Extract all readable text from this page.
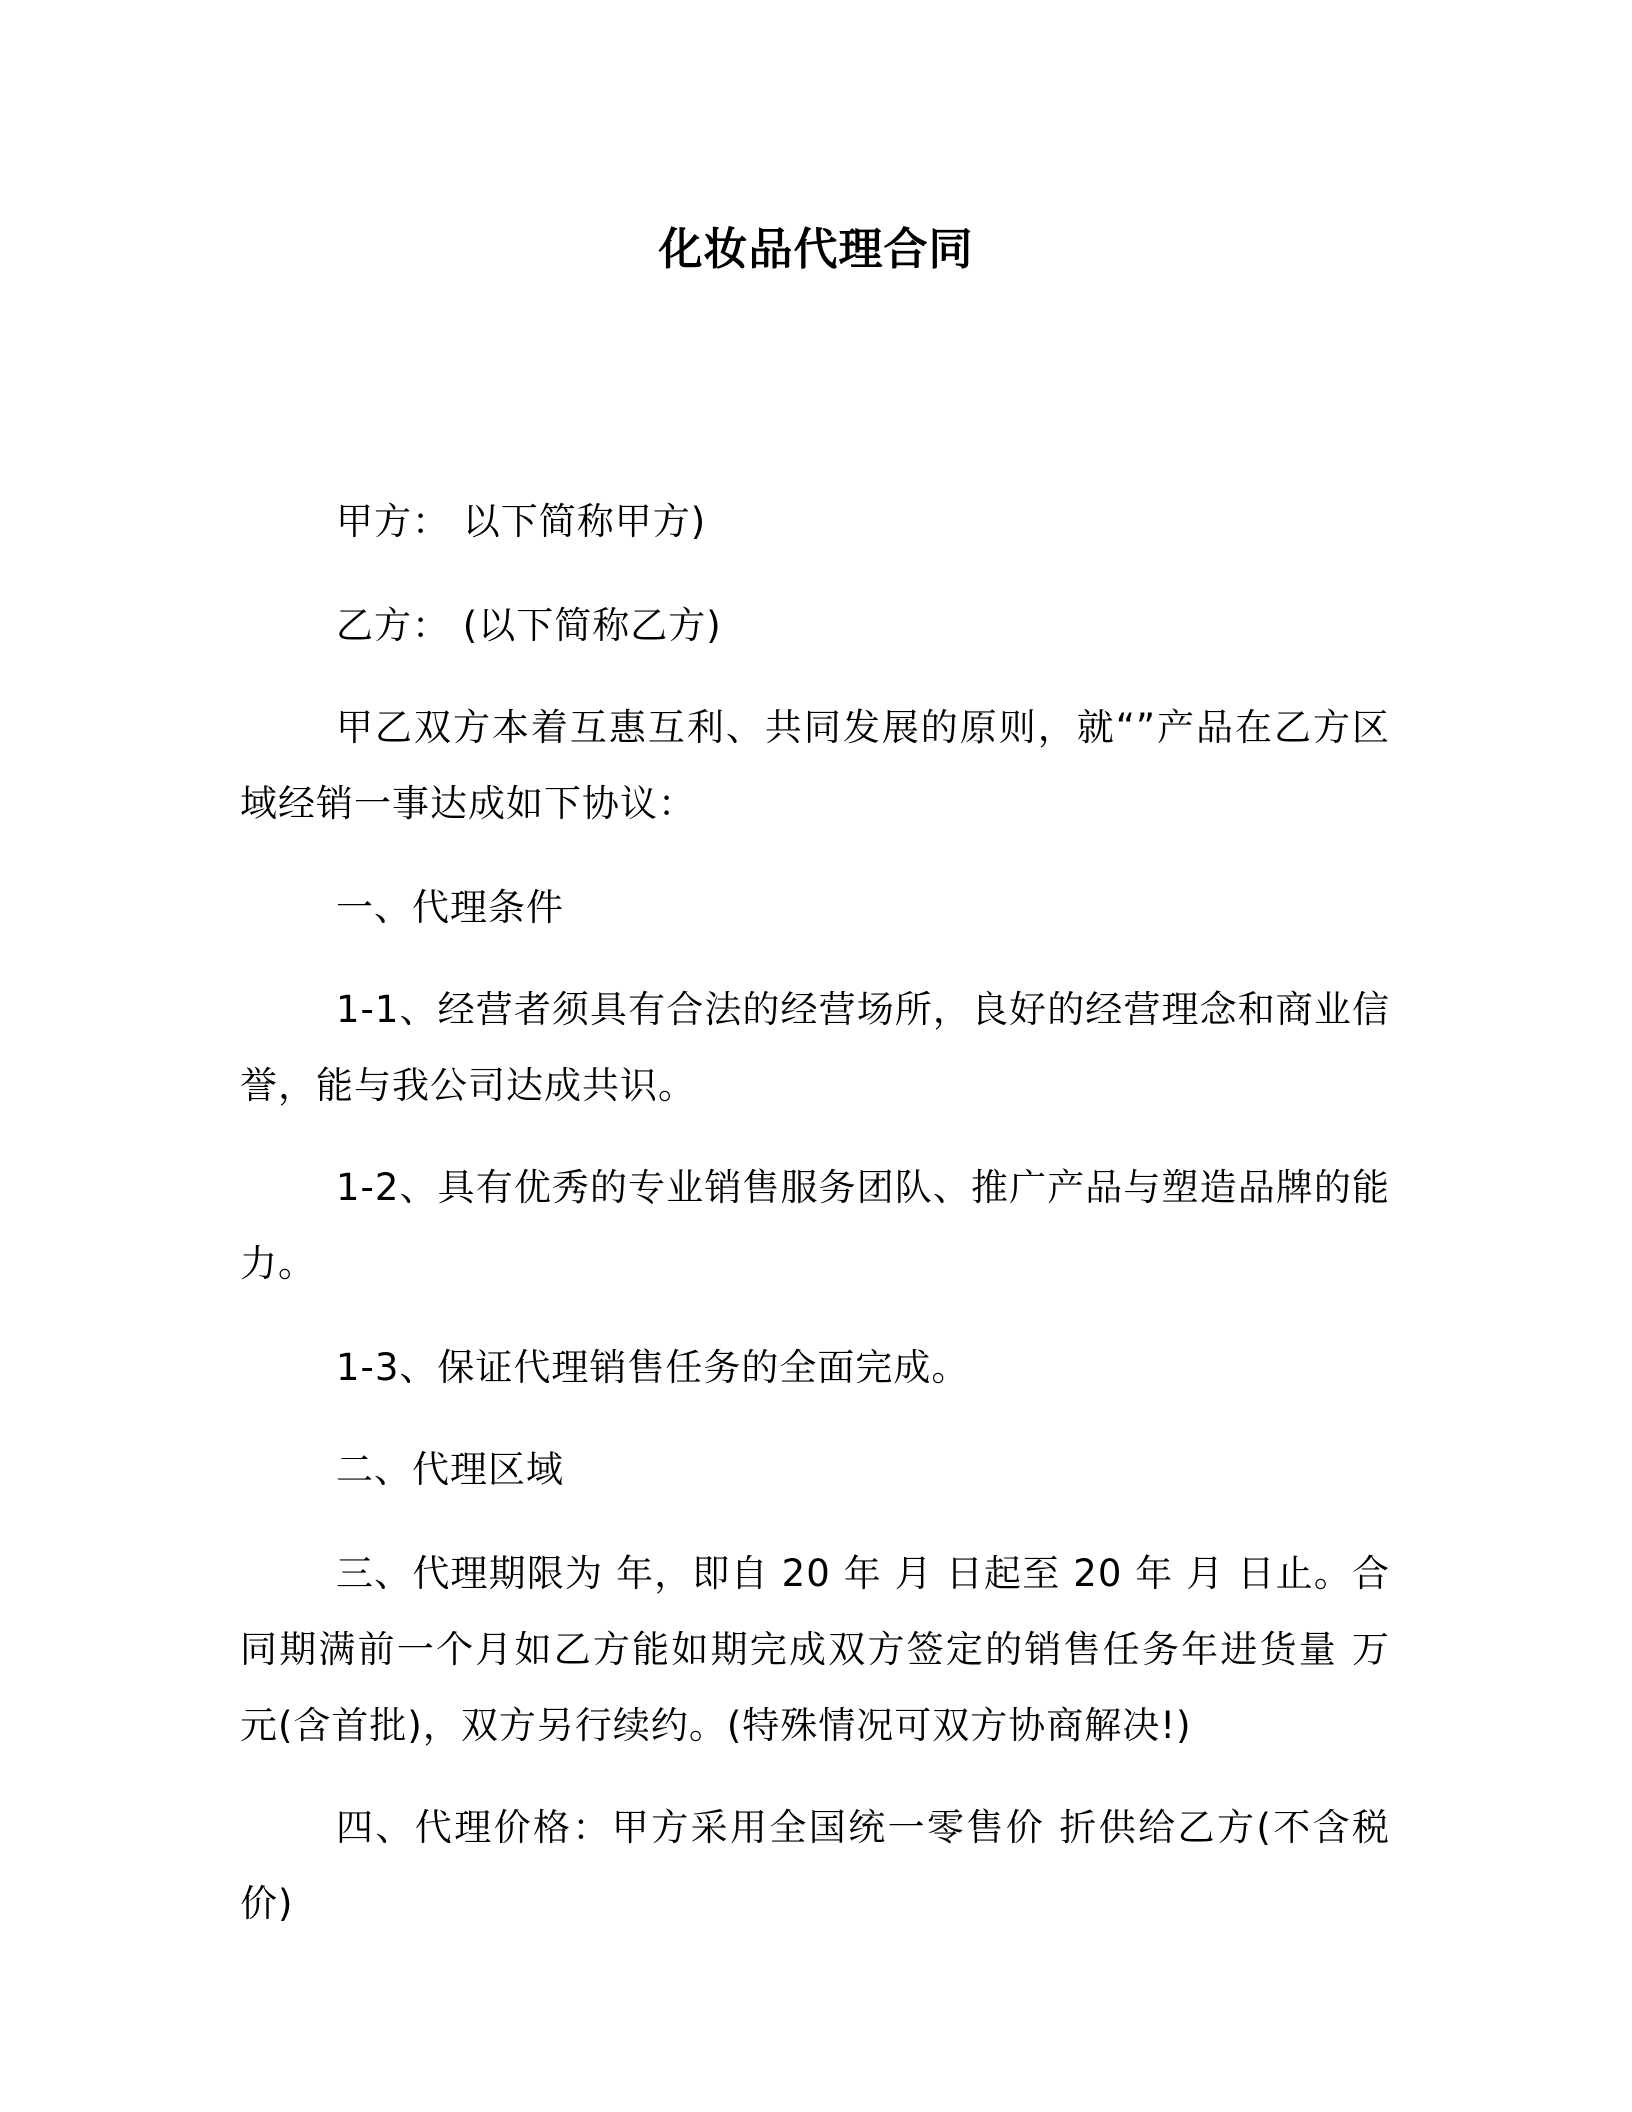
化妆品代理合同

甲方： 以下简称甲方)

乙方： (以下简称乙方)

甲乙双方本着互惠互利、共同发展的原则，就“”产品在乙方区域经销一事达成如下协议：

一、代理条件

1-1、经营者须具有合法的经营场所，良好的经营理念和商业信誉，能与我公司达成共识。

1-2、具有优秀的专业销售服务团队、推广产品与塑造品牌的能力。

1-3、保证代理销售任务的全面完成。

二、代理区域

三、代理期限为 年，即自 20 年 月 日起至 20 年 月 日止。合同期满前一个月如乙方能如期完成双方签定的销售任务年进货量 万元(含首批)，双方另行续约。(特殊情况可双方协商解决!)

四、代理价格：甲方采用全国统一零售价 折供给乙方(不含税价)
